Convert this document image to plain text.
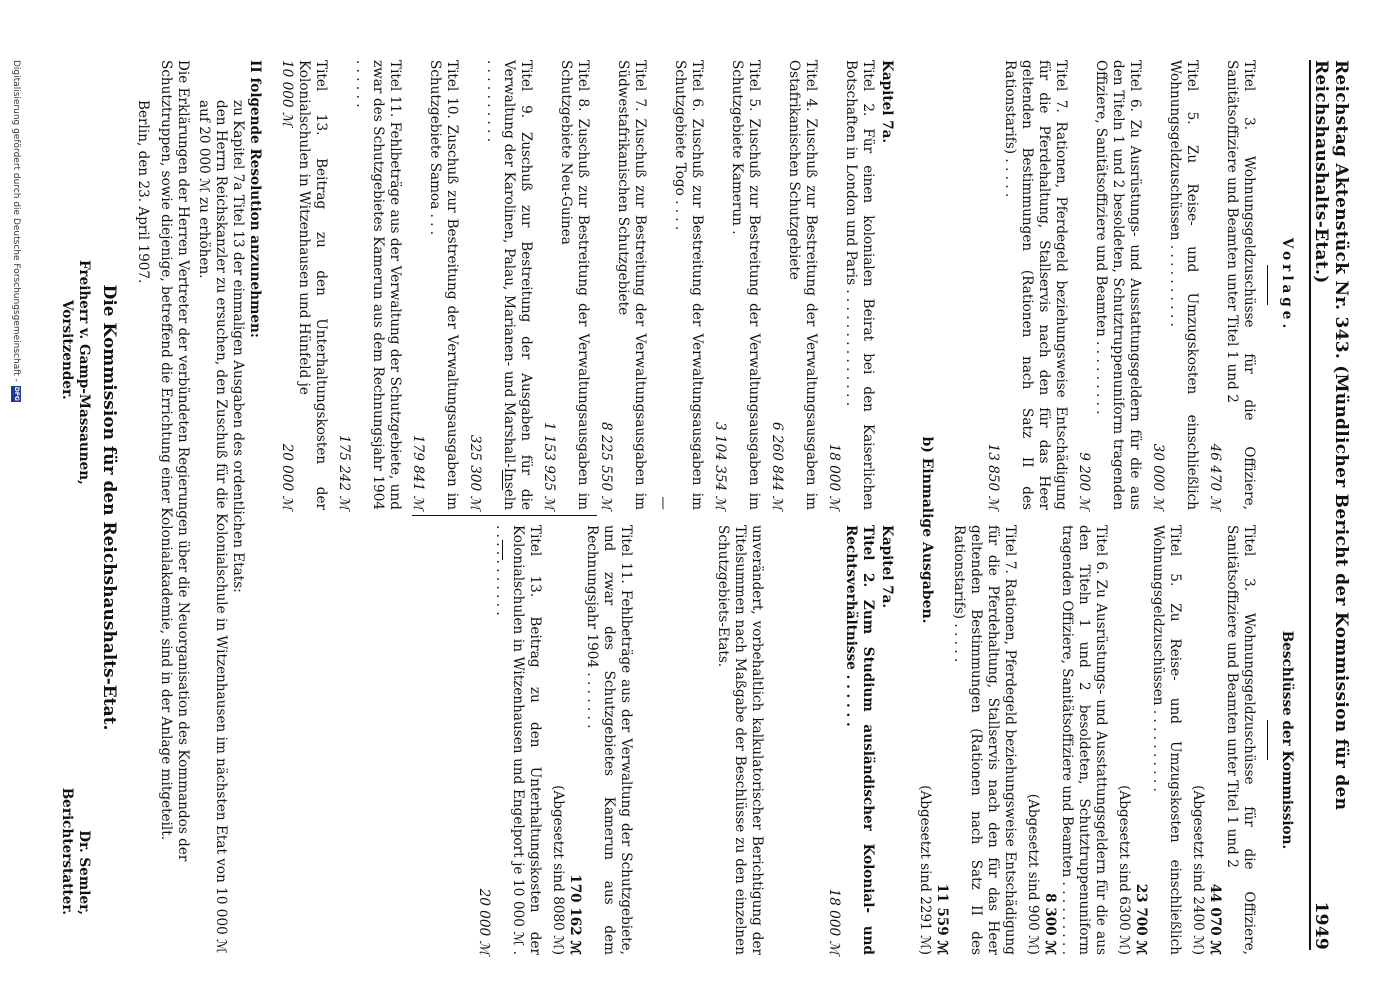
Reichstag Aktenstück Nr. 343. (Mündlicher Bericht der Kommission für den Reichshaushalts-Etat.)
1949
Vorlage.
Titel 3. Wohnungsgeldzuschüsse für die Offiziere, Sanitätsoffiziere und Beamten unter Titel 1 und 2
46 470 ℳ
Titel 5. Zu Reise- und Umzugskosten einschließlich Wohnungsgeldzuschüssen . . . . . . . . . .
30 000 ℳ
Titel 6. Zu Ausrüstungs- und Ausstattungsgeldern für die aus den Titeln 1 und 2 besoldeten, Schutztruppenuniform tragenden Offiziere, Sanitätsoffiziere und Beamten . . . . . . . . .
9 200 ℳ
Titel 7. Rationen, Pferdegeld beziehungsweise Entschädigung für die Pferdehaltung, Stallservis nach den für das Heer geltenden Bestimmungen (Rationen nach Satz II des Rationstarifs) . . . . .
13 850 ℳ
Beschlüsse der Kommission.
Titel 3. Wohnungsgeldzuschüsse für die Offiziere, Sanitätsoffiziere und Beamten unter Titel 1 und 2
44 070 ℳ
(Abgesetzt sind 2400 ℳ)
Titel 5. Zu Reise- und Umzugskosten einschließlich Wohnungsgeldzuschüssen . . . . . . . . . .
23 700 ℳ
(Abgesetzt sind 6300 ℳ)
Titel 6. Zu Ausrüstungs- und Ausstattungsgeldern für die aus den Titeln 1 und 2 besoldeten, Schutztruppenuniform tragenden Offiziere, Sanitätsoffiziere und Beamten . . . . . . . . .
8 300 ℳ
(Abgesetzt sind 900 ℳ)
Titel 7. Rationen, Pferdegeld beziehungsweise Entschädigung für die Pferdehaltung, Stallservis nach den für das Heer geltenden Bestimmungen (Rationen nach Satz II des Rationstarifs) . . . . .
11 559 ℳ
(Abgesetzt sind 2291 ℳ)
b) Einmalige Ausgaben.
Kapitel 7a.
Titel 2. Für einen kolonialen Beirat bei den Kaiserlichen Botschaften in London und Paris . . . . . . . . . . . . . .
18 000 ℳ
Titel 4. Zuschuß zur Bestreitung der Verwaltungsausgaben im Ostafrikanischen Schutzgebiete
6 260 844 ℳ
Titel 5. Zuschuß zur Bestreitung der Verwaltungsausgaben im Schutzgebiete Kamerun .
3 104 354 ℳ
Titel 6. Zuschuß zur Bestreitung der Verwaltungsausgaben im Schutzgebiete Togo . . . .
—
Titel 7. Zuschuß zur Bestreitung der Verwaltungsausgaben im Südwestafrikanischen Schutzgebiete
8 225 550 ℳ
Titel 8. Zuschuß zur Bestreitung der Verwaltungsausgaben im Schutzgebiete Neu-Guinea
1 153 925 ℳ
Titel 9. Zuschuß zur Bestreitung der Ausgaben für die Verwaltung der Karolinen, Palau, Marianen- und Marshall-Inseln . . . . . . . . . .
325 300 ℳ
Titel 10. Zuschuß zur Bestreitung der Verwaltungsausgaben im Schutzgebiete Samoa . . .
179 841 ℳ
Titel 11. Fehlbeträge aus der Verwaltung der Schutzgebiete, und zwar des Schutzgebietes Kamerun aus dem Rechnungsjahr 1904 . . . . . .
175 242 ℳ
Titel 13. Beitrag zu den Unterhaltungskosten der Kolonialschulen in Witzenhausen und Hünfeld je
10 000 ℳ
20 000 ℳ
Kapitel 7a.
Titel 2. Zum Studium ausländischer Kolonial- und Rechtsverhältnisse . . . . . .
18 000 ℳ
unverändert, vorbehaltlich kalkulatorischer Berichtigung der Titelsummen nach Maßgabe der Beschlüsse zu den einzelnen Schutzgebiets-Etats.
Titel 11. Fehlbeträge aus der Verwaltung der Schutzgebiete, und zwar des Schutzgebietes Kamerun aus dem Rechnungsjahr 1904 . . . . . . .
170 162 ℳ
(Abgesetzt sind 8080 ℳ)
Titel 13. Beitrag zu den Unterhaltungskosten der Kolonialschulen in Witzenhausen und Engelport je 10 000 ℳ . . . . . . . . . . . .
20 000 ℳ
II folgende Resolution anzunehmen:
zu Kapitel 7a Titel 13 der einmaligen Ausgaben des ordentlichen Etats:
den Herrn Reichskanzler zu ersuchen, den Zuschuß für die Kolonialschule in Witzenhausen im nächsten Etat von 10 000 ℳ auf 20 000 ℳ zu erhöhen.
Die Erklärungen der Herren Vertreter der verbündeten Regierungen über die Neuorganisation des Kommandos der Schutztruppen, sowie diejenige, betreffend die Errichtung einer Kolonialakademie, sind in der Anlage mitgeteilt.
Berlin, den 23. April 1907.
Die Kommission für den Reichshaushalts-Etat.
Freiherr v. Gamp-Massaunen,
Vorsitzender.
Dr. Semler,
Berichterstatter.
Digitalisierung gefördert durch die Deutsche Forschungsgemeinschaft -
DFG
